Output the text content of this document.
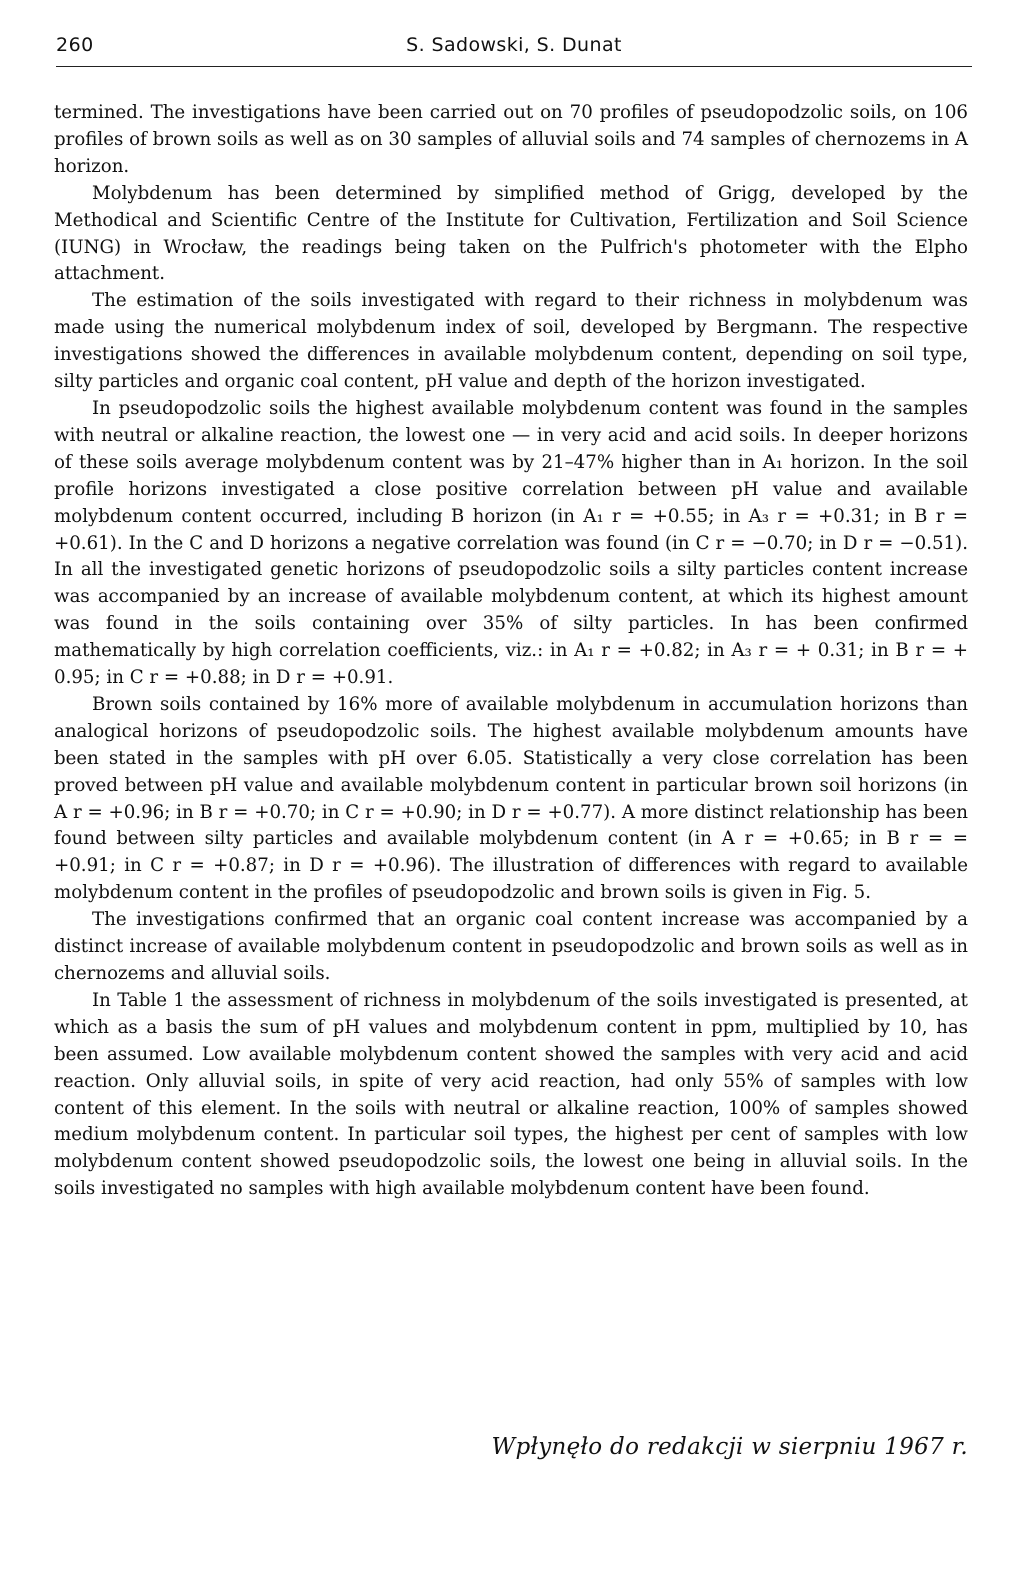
260	S. Sadowski, S. Dunat

termined. The investigations have been carried out on 70 profiles of pseudopodzolic soils, on 106 profiles of brown soils as well as on 30 samples of alluvial soils and 74 samples of chernozems in A horizon.

Molybdenum has been determined by simplified method of Grigg, developed by the Methodical and Scientific Centre of the Institute for Cultivation, Fertilization and Soil Science (IUNG) in Wrocław, the readings being taken on the Pulfrich's photometer with the Elpho attachment.

The estimation of the soils investigated with regard to their richness in molybdenum was made using the numerical molybdenum index of soil, developed by Bergmann. The respective investigations showed the differences in available molybdenum content, depending on soil type, silty particles and organic coal content, pH value and depth of the horizon investigated.

In pseudopodzolic soils the highest available molybdenum content was found in the samples with neutral or alkaline reaction, the lowest one — in very acid and acid soils. In deeper horizons of these soils average molybdenum content was by 21–47% higher than in A₁ horizon. In the soil profile horizons investigated a close positive correlation between pH value and available molybdenum content occurred, including B horizon (in A₁ r = +0.55; in A₃ r = +0.31; in B r = +0.61). In the C and D horizons a negative correlation was found (in C r = −0.70; in D r = −0.51). In all the investigated genetic horizons of pseudopodzolic soils a silty particles content increase was accompanied by an increase of available molybdenum content, at which its highest amount was found in the soils containing over 35% of silty particles. In has been confirmed mathematically by high correlation coefficients, viz.: in A₁ r = +0.82; in A₃ r = + 0.31; in B r = + 0.95; in C r = +0.88; in D r = +0.91.

Brown soils contained by 16% more of available molybdenum in accumulation horizons than analogical horizons of pseudopodzolic soils. The highest available molybdenum amounts have been stated in the samples with pH over 6.05. Statistically a very close correlation has been proved between pH value and available molybdenum content in particular brown soil horizons (in A r = +0.96; in B r = +0.70; in C r = +0.90; in D r = +0.77). A more distinct relationship has been found between silty particles and available molybdenum content (in A r = +0.65; in B r = = +0.91; in C r = +0.87; in D r = +0.96). The illustration of differences with regard to available molybdenum content in the profiles of pseudopodzolic and brown soils is given in Fig. 5.

The investigations confirmed that an organic coal content increase was accompanied by a distinct increase of available molybdenum content in pseudopodzolic and brown soils as well as in chernozems and alluvial soils.

In Table 1 the assessment of richness in molybdenum of the soils investigated is presented, at which as a basis the sum of pH values and molybdenum content in ppm, multiplied by 10, has been assumed. Low available molybdenum content showed the samples with very acid and acid reaction. Only alluvial soils, in spite of very acid reaction, had only 55% of samples with low content of this element. In the soils with neutral or alkaline reaction, 100% of samples showed medium molybdenum content. In particular soil types, the highest per cent of samples with low molybdenum content showed pseudopodzolic soils, the lowest one being in alluvial soils. In the soils investigated no samples with high available molybdenum content have been found.

Wpłynęło do redakcji w sierpniu 1967 r.
